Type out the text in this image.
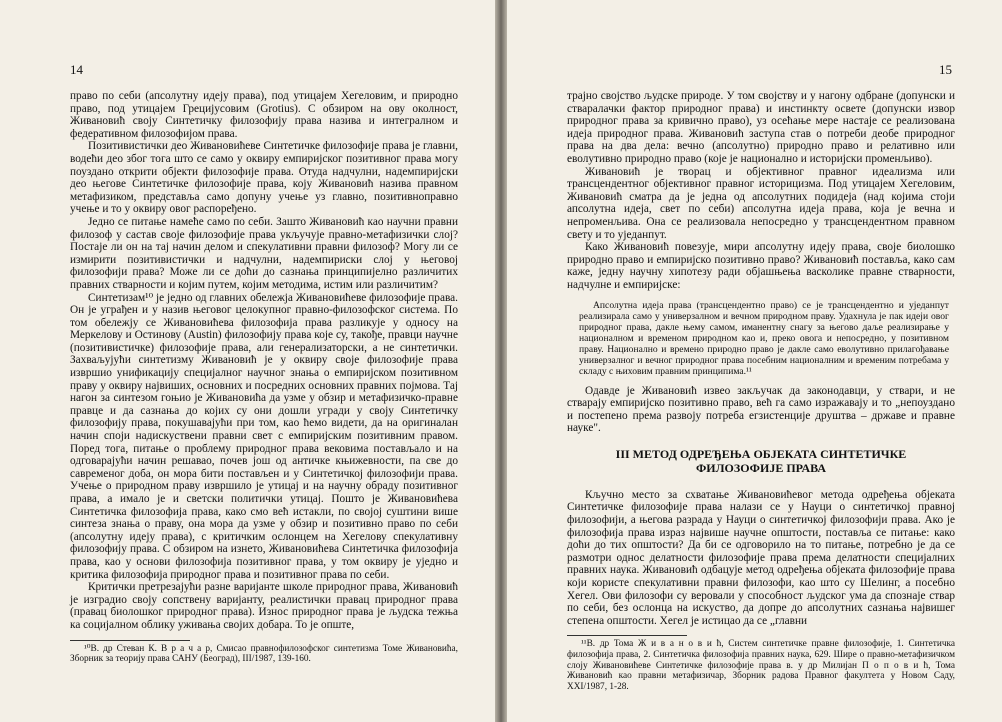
14	15

право по себи (апсолутну идеју права), под утицајем Хегеловим, и природно право, под утицајем Грецијусовим (Grotius). С обзиром на ову околност, Живановић своју Синтетичку филозофију права назива и интегралном и федеративном филозофијом права.

Позитивистички део Живановићеве Синтетичке филозофије права је главни, водећи део због тога што се само у оквиру емпиријског позитивног права могу поуздано открити објекти филозофије права. Отуда надчулни, надемпиријски део његове Синтетичке филозофије права, коју Живановић назива правном метафизиком, представља само допуну учење уз главно, позитивноправно учење и то у оквиру овог распоређено.

Једно се питање намеће само по себи. Зашто Живановић као научни правни филозоф у састав своје филозофије права укључује правно-метафизички слој? Постаје ли он на тај начин делом и спекулативни правни филозоф? Могу ли се измирити позитивистички и надчулни, надемпириски слој у његовој филозофији права? Може ли се доћи до сазнања принципијелно различитих правних стварности и којим путем, којим методима, истим или различитим?

Синтетизам¹⁰ је једно од главних обележја Живановићеве филозофије права. Он је уграђен и у назив његовог целокупног правно-филозофског система. По том обележју се Живановићева филозофија права разликује у односу на Меркелову и Остинову (Austin) филозофију права које су, такође, правци научне (позитивистичке) филозофије права, али генерализаторски, а не синтетички. Захваљујући синтетизму Живановић је у оквиру своје филозофије права извршио унификацију специјалног научног знања о емпиријском позитивном праву у оквиру највиших, основних и посредних основних правних појмова. Тај нагон за синтезом гоњио је Живановића да узме у обзир и метафизичко-правне правце и да сазнања до којих су они дошли угради у своју Синтетичку филозофију права, покушавајући при том, као ћемо видети, да на оригиналан начин споји надискуствени правни свет с емпиријским позитивним правом. Поред тога, питање о проблему природног права вековима постављало и на одговарајући начин решавао, почев још од античке књижевности, па све до савременог доба, он мора бити постављен и у Синтетичкој филозофији права. Учење о природном праву извршило је утицај и на научну обраду позитивног права, а имало је и светски политички утицај. Пошто је Живановићева Синтетичка филозофија права, како смо већ истакли, по својој суштини више синтеза знања о праву, она мора да узме у обзир и позитивно право по себи (апсолутну идеју права), с критичким ослонцем на Хегелову спекулативну филозофију права. С обзиром на изнето, Живановићева Синтетичка филозофија права, као у основи филозофија позитивног права, у том оквиру је уједно и критика филозофија природног права и позитивног права по себи.

Критички претрезајући разне варијанте школе природног права, Живановић је изградио своју сопствену варијанту, реалистички правац природног права (правац биолошког природног права). Износ природног права је људска тежња ка социјалном облику уживања својих добара. То је опште,

¹⁰В. др Стеван К. В р а ч а р, Смисао правнофилозофског синтетизма Томе Живановића, Зборник за теорију права САНУ (Београд), III/1987, 139-160.

трајно својство људске природе. У том својству и у нагону одбране (допунски и стваралачки фактор природног права) и инстинкту освете (допунски извор природног права за кривично право), уз осећање мере настаје се реализована идеја природног права. Живановић заступа став о потреби деобе природног права на два дела: вечно (апсолутно) природно право и релативно или еволутивно природно право (које је национално и историјски променљиво).

Живановић је творац и објективног правног идеализма или трансцендентног објективног правног историцизма. Под утицајем Хегеловим, Живановић сматра да је једна од апсолутних подидеја (над којима стоји апсолутна идеја, свет по себи) апсолутна идеја права, која је вечна и непроменљива. Она се реализовала непосредно у трансцендентном правном свету и то уједанпут.

Како Живановић повезује, мири апсолутну идеју права, своје биолошко природно право и емпиријско позитивно право? Живановић поставља, како сам каже, једну научну хипотезу ради објашњења васколике правне стварности, надчулне и емпиријске:

Апсолутна идеја права (трансцендентно право) се је трансцендентно и уједанпут реализирала само у универзалном и вечном природном праву. Удахнула је пак идеји овог природног права, дакле њему самом, иманентну снагу за његово даље реализирање у националном и временом природном као и, преко овога и непосредно, у позитивном праву. Национално и времено природно право је дакле само еволутивно прилагођавање универзалног и вечног природног права посебним националним и временим потребама у складу с њиховим правним принципима.¹¹

Одавде је Живановић извео закључак да законодавци, у ствари, и не стварају емпиријско позитивно право, већ га само изражавају и то „непоуздано и постепено према развоју потреба егзистенције друштва – државе и правне науке".

III МЕТОД ОДРЕЂЕЊА ОБЈЕКАТА СИНТЕТИЧКЕ ФИЛОЗОФИЈЕ ПРАВА

Кључно место за схватање Живановићевог метода одређења објеката Синтетичке филозофије права налази се у Науци о синтетичкој правној филозофији, а његова разрада у Науци о синтетичкој филозофији права. Ако је филозофија права израз највише научне општости, поставља се питање: како доћи до тих општости? Да би се одговорило на то питање, потребно је да се размотри однос делатности филозофије права према делатности специјалних правних наука. Живановић одбацује метод одређења објеката филозофије права који користе спекулативни правни филозофи, као што су Шелинг, а посебно Хегел. Ови филозофи су веровали у способност људског ума да спознаје ствар по себи, без ослонца на искуство, да допре до апсолутних сазнања највишег степена општости. Хегел је истицао да се „главни

¹¹В. др Тома Ж и в а н о в и ћ, Систем синтетичке правне филозофије, 1. Синтетичка филозофија права, 2. Синтетичка филозофија правних наука, 629. Шире о правно-метафизичком слоју Живановићеве Синтетичке филозофије права в. у др Милијан П о п о в и ћ, Тома Живановић као правни метафизичар, Зборник радова Правног факултета у Новом Саду, XXI/1987, 1-28.
